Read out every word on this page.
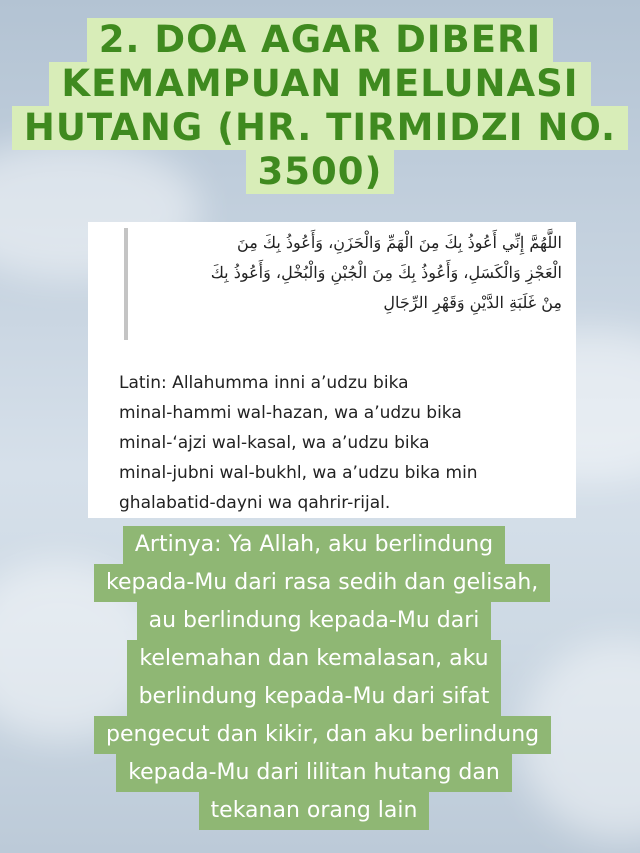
2. DOA AGAR DIBERI
KEMAMPUAN MELUNASI
HUTANG (HR. TIRMIDZI NO.
3500)
اللَّهُمَّ إِنِّي أَعُوذُ بِكَ مِنَ الْهَمِّ وَالْحَزَنِ، وَأَعُوذُ بِكَ مِنَ
الْعَجْزِ وَالْكَسَلِ، وَأَعُوذُ بِكَ مِنَ الْجُبْنِ وَالْبُخْلِ، وَأَعُوذُ بِكَ
مِنْ غَلَبَةِ الدَّيْنِ وَقَهْرِ الرِّجَالِ
Latin: Allahumma inni a’udzu bika
minal-hammi wal-hazan, wa a’udzu bika
minal-‘ajzi wal-kasal, wa a’udzu bika
minal-jubni wal-bukhl, wa a’udzu bika min
ghalabatid-dayni wa qahrir-rijal.
Artinya: Ya Allah, aku berlindung
kepada-Mu dari rasa sedih dan gelisah,
au berlindung kepada-Mu dari
kelemahan dan kemalasan, aku
berlindung kepada-Mu dari sifat
pengecut dan kikir, dan aku berlindung
kepada-Mu dari lilitan hutang dan
tekanan orang lain
